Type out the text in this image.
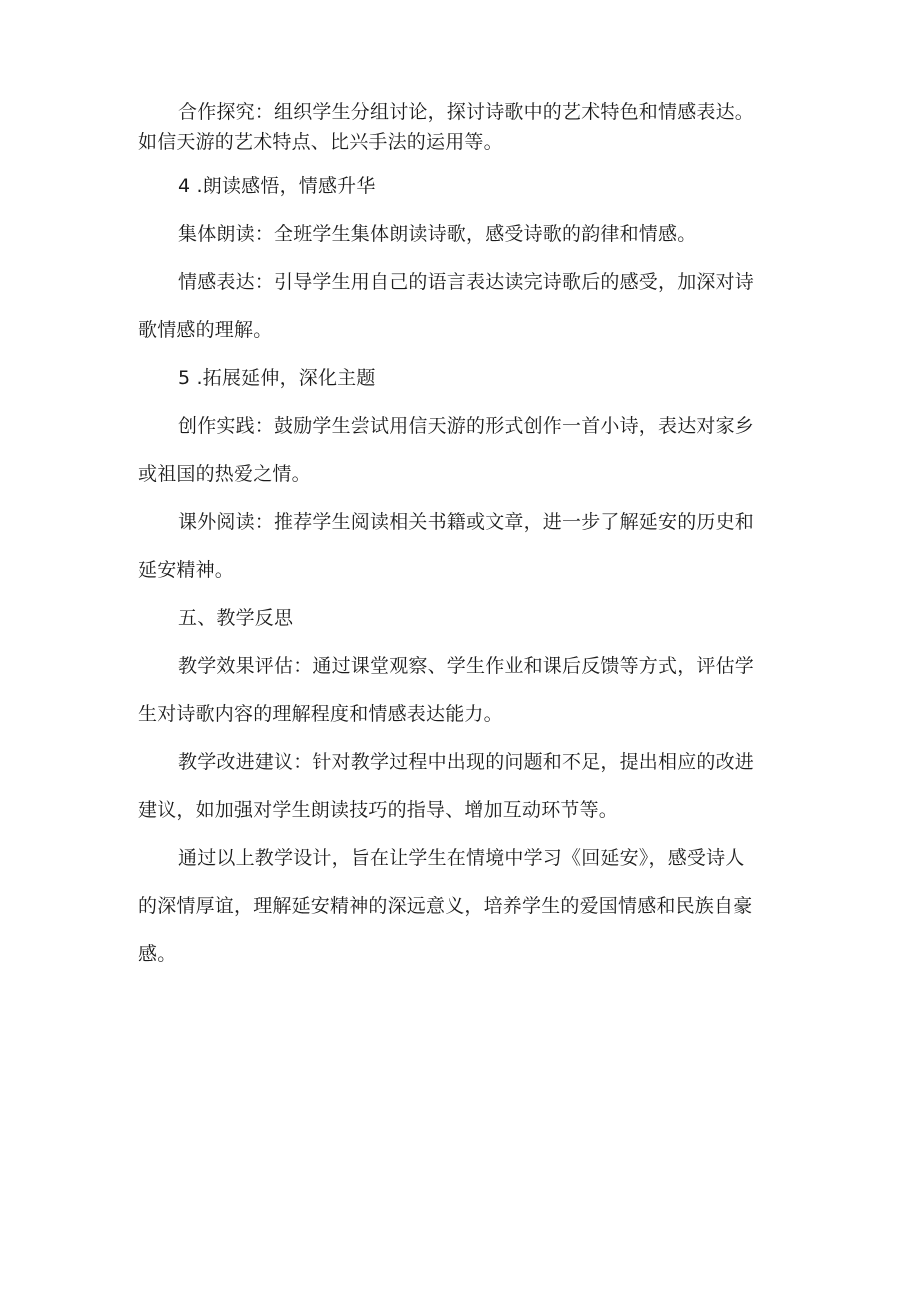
合作探究：组织学生分组讨论，探讨诗歌中的艺术特色和情感表达。
如信天游的艺术特点、比兴手法的运用等。
4 .朗读感悟，情感升华
集体朗读：全班学生集体朗读诗歌，感受诗歌的韵律和情感。
情感表达：引导学生用自己的语言表达读完诗歌后的感受，加深对诗
歌情感的理解。
5 .拓展延伸，深化主题
创作实践：鼓励学生尝试用信天游的形式创作一首小诗，表达对家乡
或祖国的热爱之情。
课外阅读：推荐学生阅读相关书籍或文章，进一步了解延安的历史和
延安精神。
五、教学反思
教学效果评估：通过课堂观察、学生作业和课后反馈等方式，评估学
生对诗歌内容的理解程度和情感表达能力。
教学改进建议：针对教学过程中出现的问题和不足，提出相应的改进
建议，如加强对学生朗读技巧的指导、增加互动环节等。
通过以上教学设计，旨在让学生在情境中学习《回延安》，感受诗人
的深情厚谊，理解延安精神的深远意义，培养学生的爱国情感和民族自豪
感。
